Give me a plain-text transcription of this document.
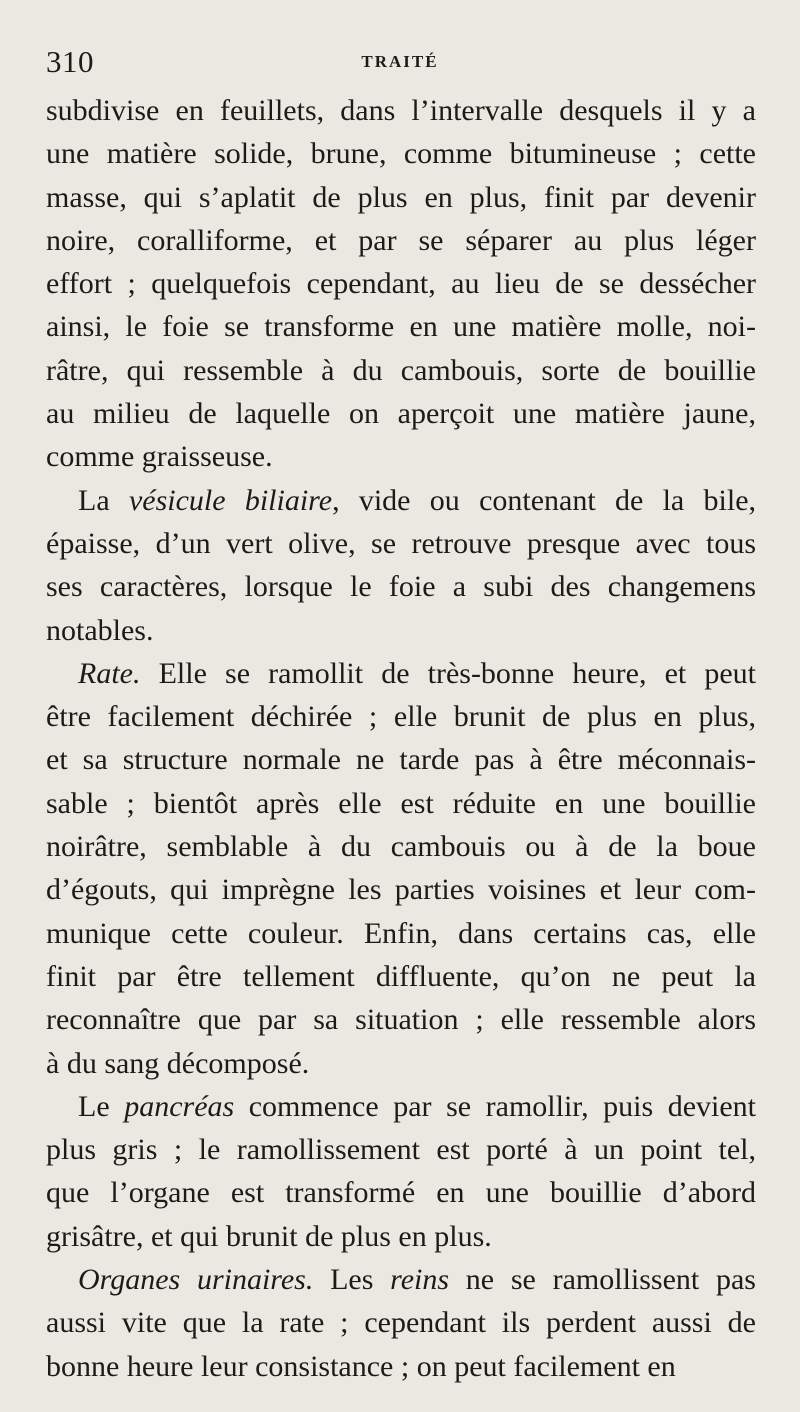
310	TRAITÉ
subdivise en feuillets, dans l’intervalle desquels il y a
une matière solide, brune, comme bitumineuse ; cette
masse, qui s’aplatit de plus en plus, finit par devenir
noire, coralliforme, et par se séparer au plus léger
effort ; quelquefois cependant, au lieu de se dessécher
ainsi, le foie se transforme en une matière molle, noi-
râtre, qui ressemble à du cambouis, sorte de bouillie
au milieu de laquelle on aperçoit une matière jaune,
comme graisseuse.
La vésicule biliaire, vide ou contenant de la bile,
épaisse, d’un vert olive, se retrouve presque avec tous
ses caractères, lorsque le foie a subi des changemens
notables.
Rate. Elle se ramollit de très-bonne heure, et peut
être facilement déchirée ; elle brunit de plus en plus,
et sa structure normale ne tarde pas à être méconnais-
sable ; bientôt après elle est réduite en une bouillie
noirâtre, semblable à du cambouis ou à de la boue
d’égouts, qui imprègne les parties voisines et leur com-
munique cette couleur. Enfin, dans certains cas, elle
finit par être tellement diffluente, qu’on ne peut la
reconnaître que par sa situation ; elle ressemble alors
à du sang décomposé.
Le pancréas commence par se ramollir, puis devient
plus gris ; le ramollissement est porté à un point tel,
que l’organe est transformé en une bouillie d’abord
grisâtre, et qui brunit de plus en plus.
Organes urinaires. Les reins ne se ramollissent pas
aussi vite que la rate ; cependant ils perdent aussi de
bonne heure leur consistance ; on peut facilement en
